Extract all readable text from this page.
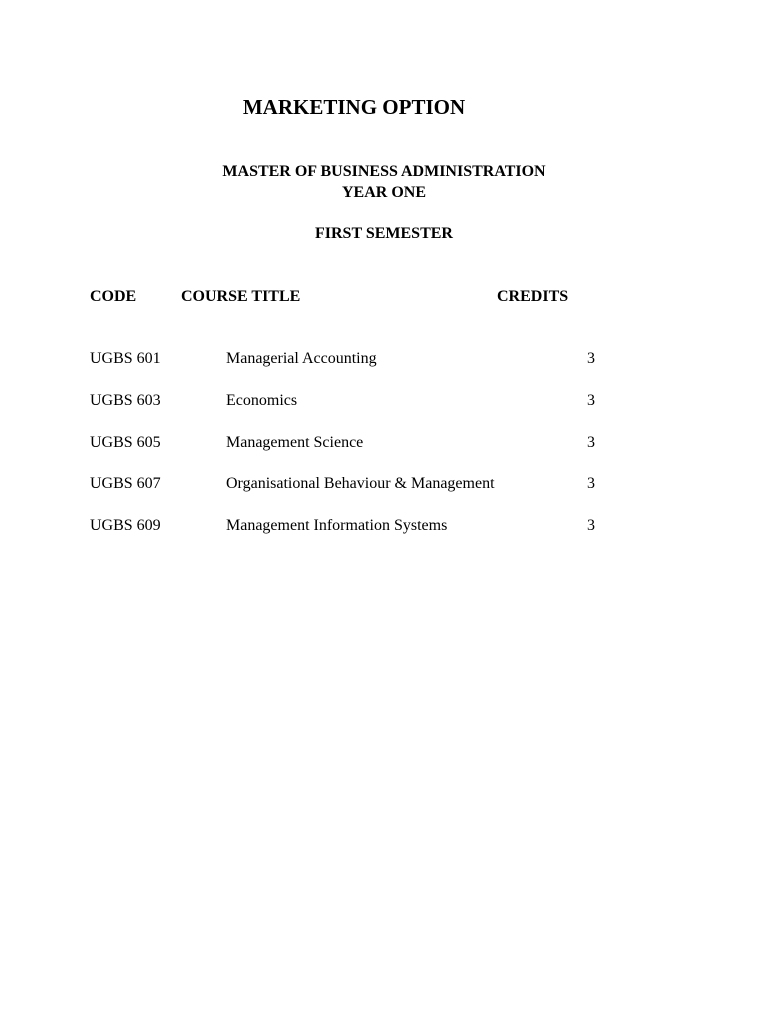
MARKETING OPTION
MASTER OF BUSINESS ADMINISTRATION
YEAR ONE
FIRST SEMESTER
CODE	COURSE TITLE	CREDITS
UGBS 601	Managerial Accounting	3
UGBS 603	Economics	3
UGBS 605	Management Science	3
UGBS 607	Organisational Behaviour & Management	3
UGBS 609	Management Information Systems	3
